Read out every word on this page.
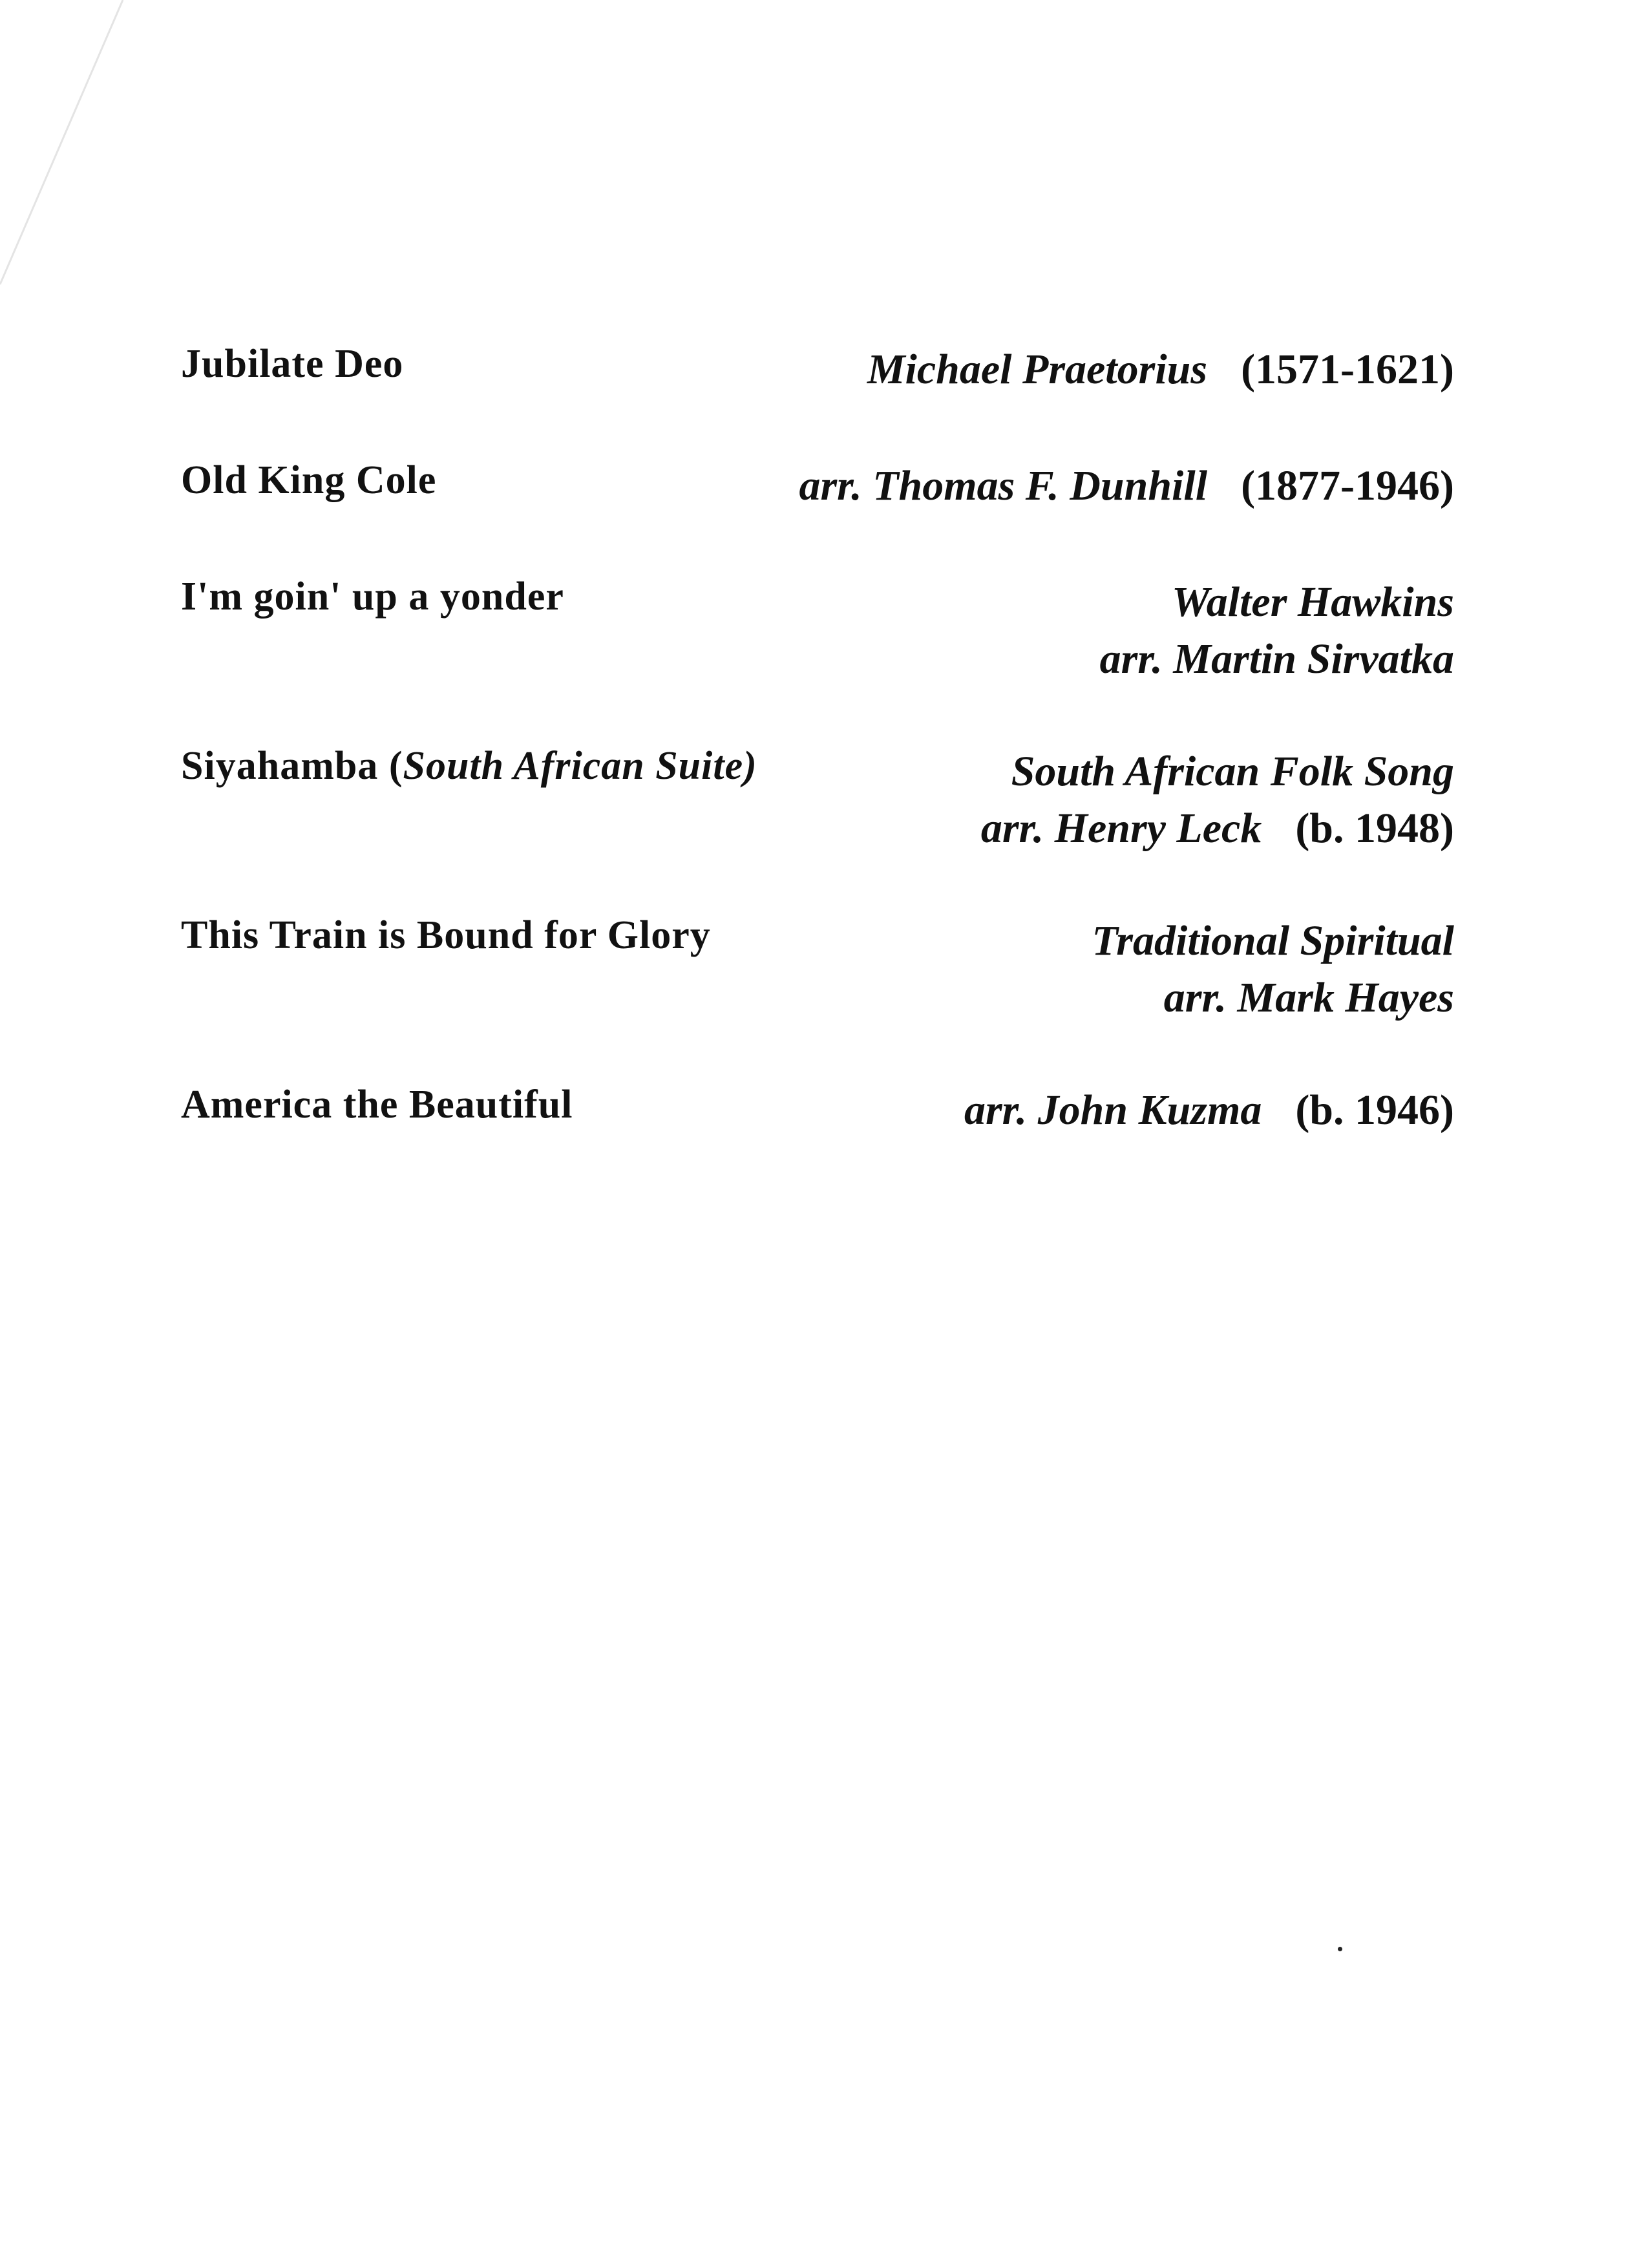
Jubilate Deo	Michael Praetorius (1571-1621)
Old King Cole	arr. Thomas F. Dunhill (1877-1946)
I'm goin' up a yonder	Walter Hawkins
arr. Martin Sirvatka
Siyahamba (South African Suite)	South African Folk Song
arr. Henry Leck (b. 1948)
This Train is Bound for Glory	Traditional Spiritual
arr. Mark Hayes
America the Beautiful	arr. John Kuzma (b. 1946)
